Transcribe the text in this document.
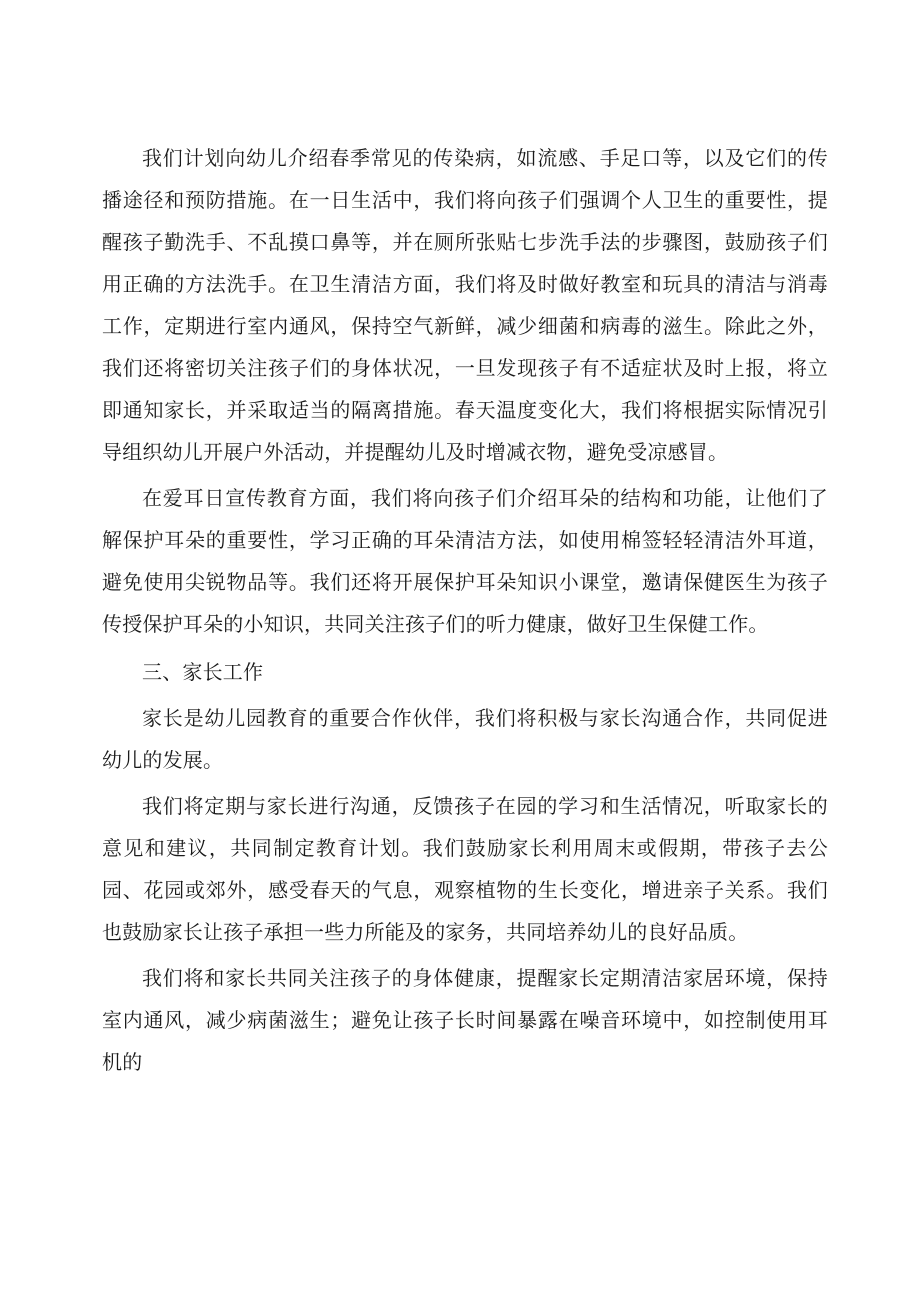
我们计划向幼儿介绍春季常见的传染病，如流感、手足口等，以及它们的传播途径和预防措施。在一日生活中，我们将向孩子们强调个人卫生的重要性，提醒孩子勤洗手、不乱摸口鼻等，并在厕所张贴七步洗手法的步骤图，鼓励孩子们用正确的方法洗手。在卫生清洁方面，我们将及时做好教室和玩具的清洁与消毒工作，定期进行室内通风，保持空气新鲜，减少细菌和病毒的滋生。除此之外，我们还将密切关注孩子们的身体状况，一旦发现孩子有不适症状及时上报，将立即通知家长，并采取适当的隔离措施。春天温度变化大，我们将根据实际情况引导组织幼儿开展户外活动，并提醒幼儿及时增减衣物，避免受凉感冒。

在爱耳日宣传教育方面，我们将向孩子们介绍耳朵的结构和功能，让他们了解保护耳朵的重要性，学习正确的耳朵清洁方法，如使用棉签轻轻清洁外耳道，避免使用尖锐物品等。我们还将开展保护耳朵知识小课堂，邀请保健医生为孩子传授保护耳朵的小知识，共同关注孩子们的听力健康，做好卫生保健工作。

三、家长工作

家长是幼儿园教育的重要合作伙伴，我们将积极与家长沟通合作，共同促进幼儿的发展。

我们将定期与家长进行沟通，反馈孩子在园的学习和生活情况，听取家长的意见和建议，共同制定教育计划。我们鼓励家长利用周末或假期，带孩子去公园、花园或郊外，感受春天的气息，观察植物的生长变化，增进亲子关系。我们也鼓励家长让孩子承担一些力所能及的家务，共同培养幼儿的良好品质。

我们将和家长共同关注孩子的身体健康，提醒家长定期清洁家居环境，保持室内通风，减少病菌滋生；避免让孩子长时间暴露在噪音环境中，如控制使用耳机的
